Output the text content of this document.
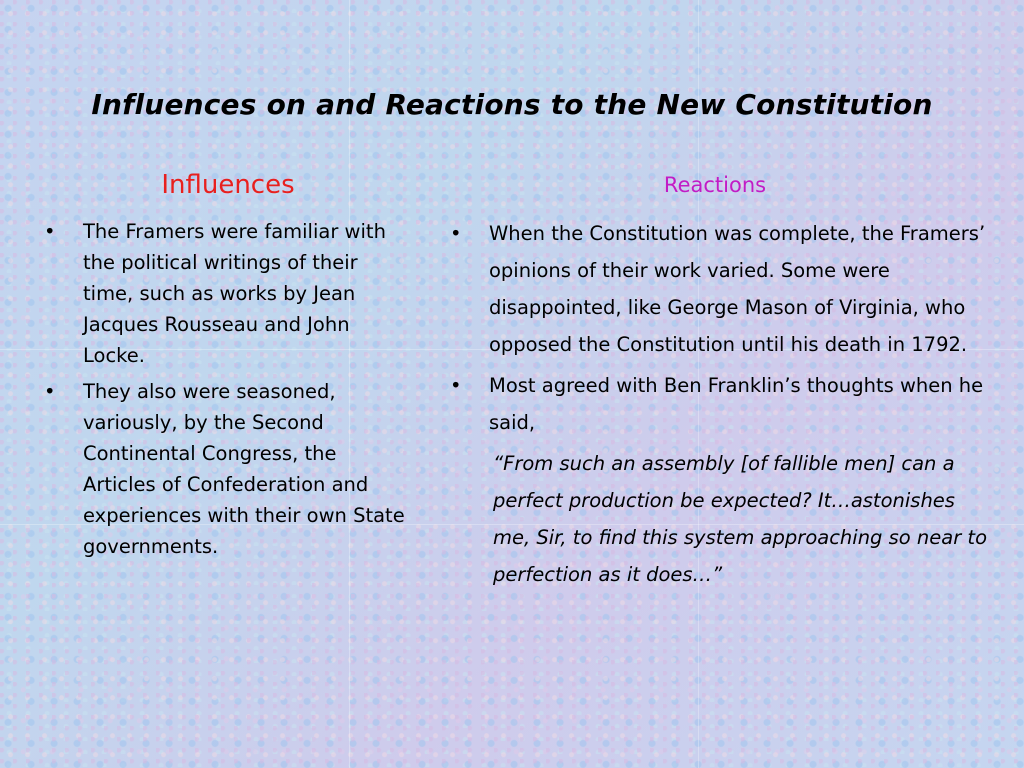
Influences on and Reactions to the New Constitution
Influences	Reactions
• The Framers were familiar with the political writings of their time, such as works by Jean Jacques Rousseau and John Locke.
• They also were seasoned, variously, by the Second Continental Congress, the Articles of Confederation and experiences with their own State governments.
• When the Constitution was complete, the Framers’ opinions of their work varied. Some were disappointed, like George Mason of Virginia, who opposed the Constitution until his death in 1792.
• Most agreed with Ben Franklin’s thoughts when he said,
“From such an assembly [of fallible men] can a perfect production be expected? It…astonishes me, Sir, to find this system approaching so near to perfection as it does…”
